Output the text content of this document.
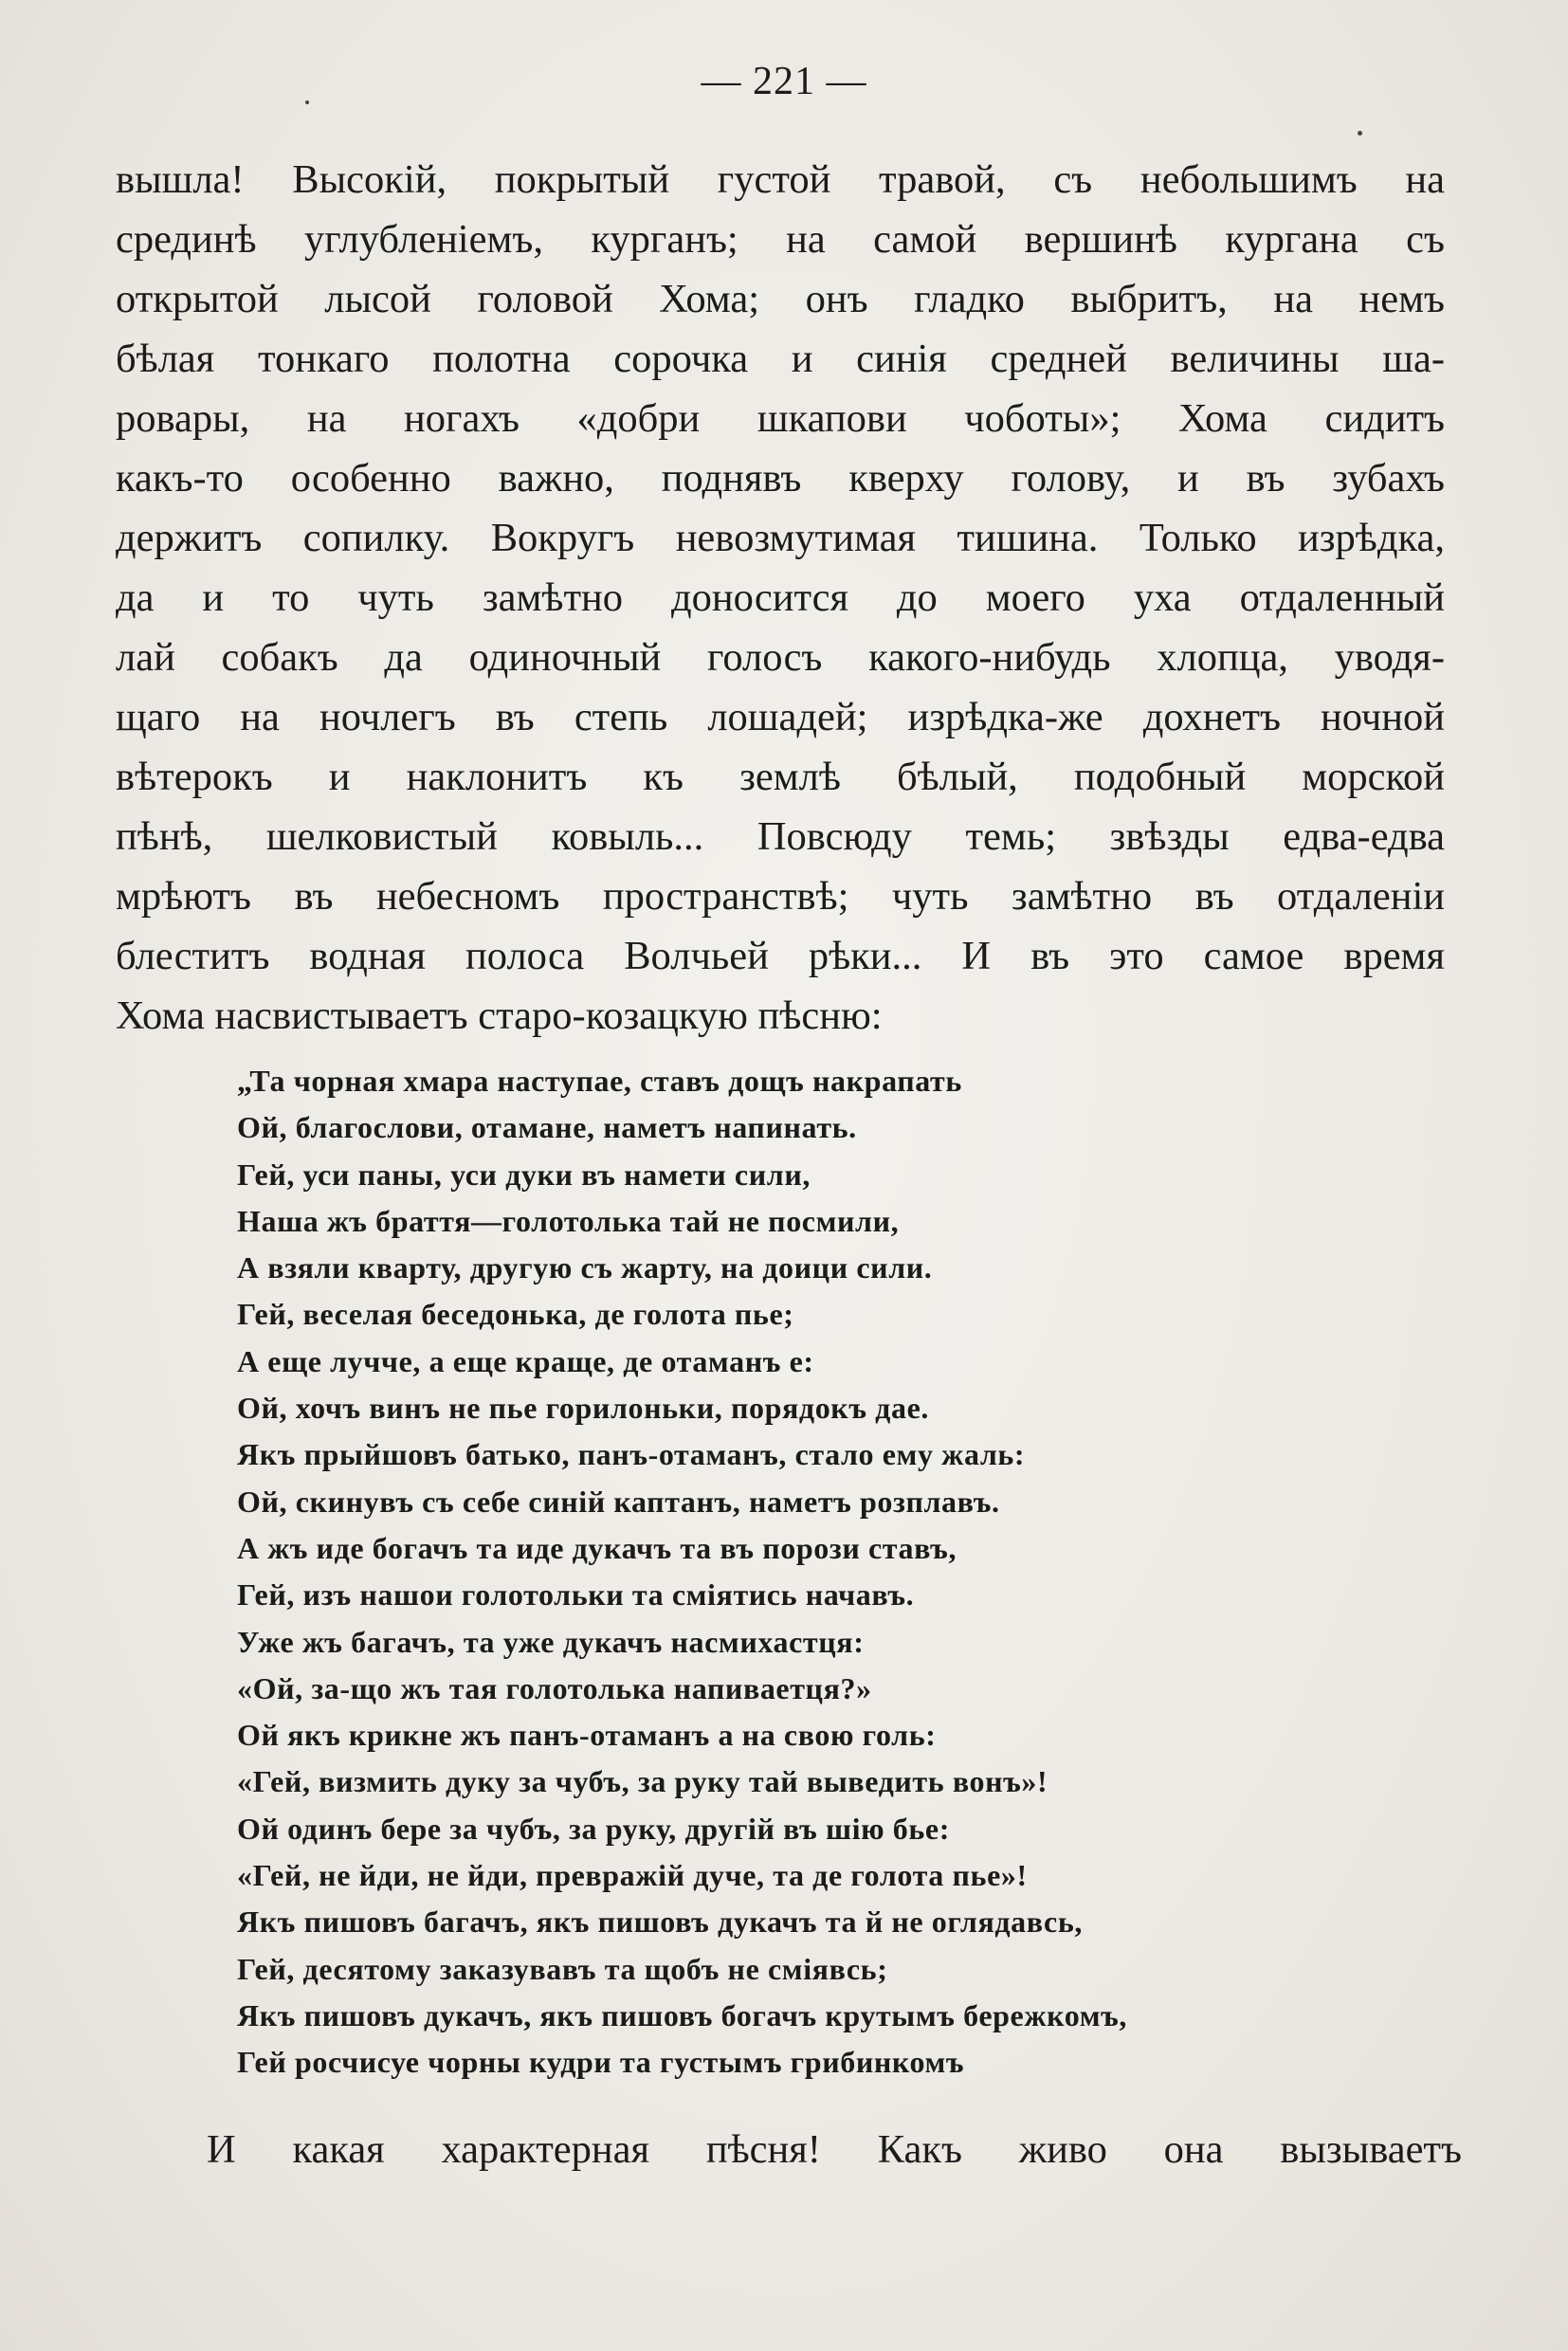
— 221 —
вышла! Высокій, покрытый густой травой, съ небольшимъ на
срединѣ углубленіемъ, курганъ; на самой вершинѣ кургана съ
открытой лысой головой Хома; онъ гладко выбритъ, на немъ
бѣлая тонкаго полотна сорочка и синія средней величины ша-
ровары, на ногахъ «добри шкапови чоботы»; Хома сидитъ
какъ-то особенно важно, поднявъ кверху голову, и въ зубахъ
держитъ сопилку. Вокругъ невозмутимая тишина. Только изрѣдка,
да и то чуть замѣтно доносится до моего уха отдаленный
лай собакъ да одиночный голосъ какого-нибудь хлопца, уводя-
щаго на ночлегъ въ степь лошадей; изрѣдка-же дохнетъ ночной
вѣтерокъ и наклонитъ къ землѣ бѣлый, подобный морской
пѣнѣ, шелковистый ковыль... Повсюду темь; звѣзды едва-едва
мрѣютъ въ небесномъ пространствѣ; чуть замѣтно въ отдаленіи
блеститъ водная полоса Волчьей рѣки... И въ это самое время
Хома насвистываетъ старо-козацкую пѣсню:
„Та чорная хмара наступае, ставъ дощъ накрапать
Ой, благослови, отамане, наметъ напинать.
Гей, уси паны, уси дуки въ намети сили,
Наша жъ браття—голотолька тай не посмили,
А взяли кварту, другую съ жарту, на доици сили.
Гей, веселая беседонька, де голота пье;
А еще лучче, а еще краще, де отаманъ е:
Ой, хочъ винъ не пье горилоньки, порядокъ дае.
Якъ прыйшовъ батько, панъ-отаманъ, стало ему жаль:
Ой, скинувъ съ себе синій каптанъ, наметъ розплавъ.
А жъ иде богачъ та иде дукачъ та въ порози ставъ,
Гей, изъ нашои голотольки та сміятись начавъ.
Уже жъ багачъ, та уже дукачъ насмихастця:
«Ой, за-що жъ тая голотолька напиваетця?»
Ой якъ крикне жъ панъ-отаманъ а на свою голь:
«Гей, визмить дуку за чубъ, за руку тай выведить вонъ»!
Ой одинъ бере за чубъ, за руку, другій въ шію бье:
«Гей, не йди, не йди, превражій дуче, та де голота пье»!
Якъ пишовъ багачъ, якъ пишовъ дукачъ та й не оглядавсь,
Гей, десятому заказувавъ та щобъ не сміявсь;
Якъ пишовъ дукачъ, якъ пишовъ богачъ крутымъ бережкомъ,
Гей росчисуе чорны кудри та густымъ грибинкомъ
И какая характерная пѣсня! Какъ живо она вызываетъ
